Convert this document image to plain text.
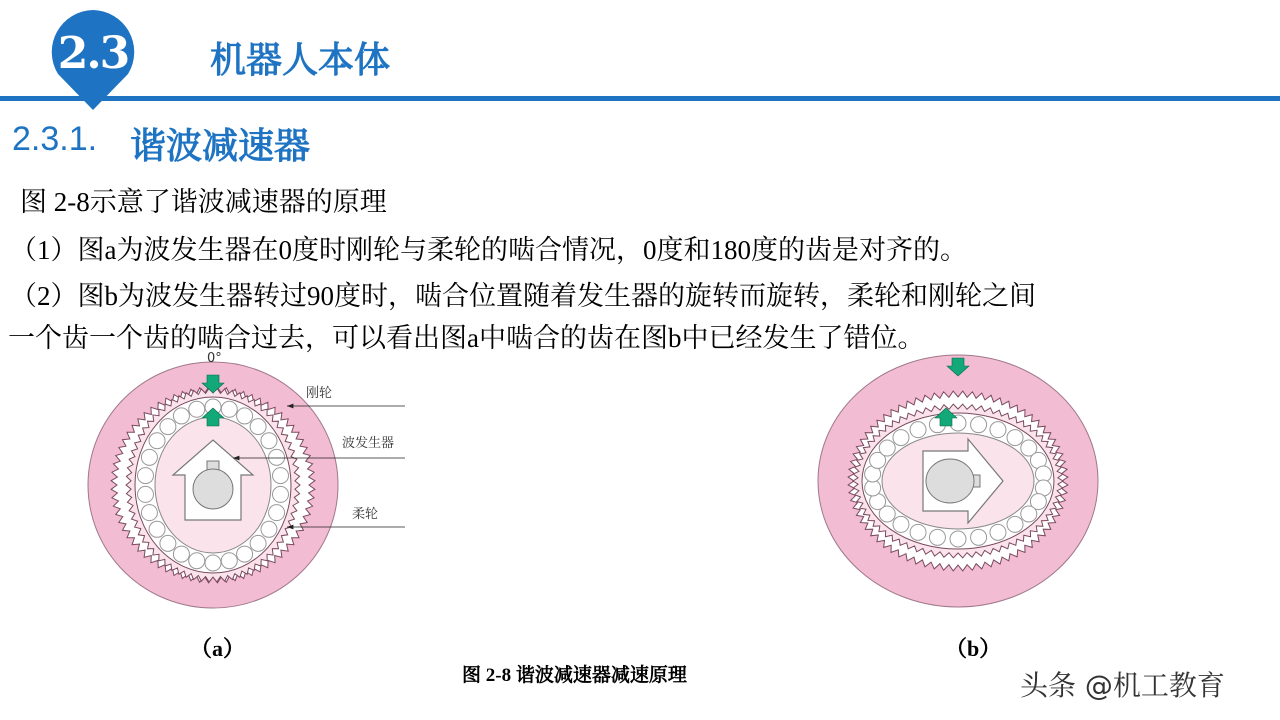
2.3 机器人本体
2.3.1. 谐波减速器
图 2-8示意了谐波减速器的原理
（1）图a为波发生器在0度时刚轮与柔轮的啮合情况，0度和180度的齿是对齐的。
（2）图b为波发生器转过90度时，啮合位置随着发生器的旋转而旋转，柔轮和刚轮之间
一个齿一个齿的啮合过去，可以看出图a中啮合的齿在图b中已经发生了错位。
0°
刚轮
波发生器
柔轮
（a）	（b）
图 2-8 谐波减速器减速原理	头条 @机工教育
